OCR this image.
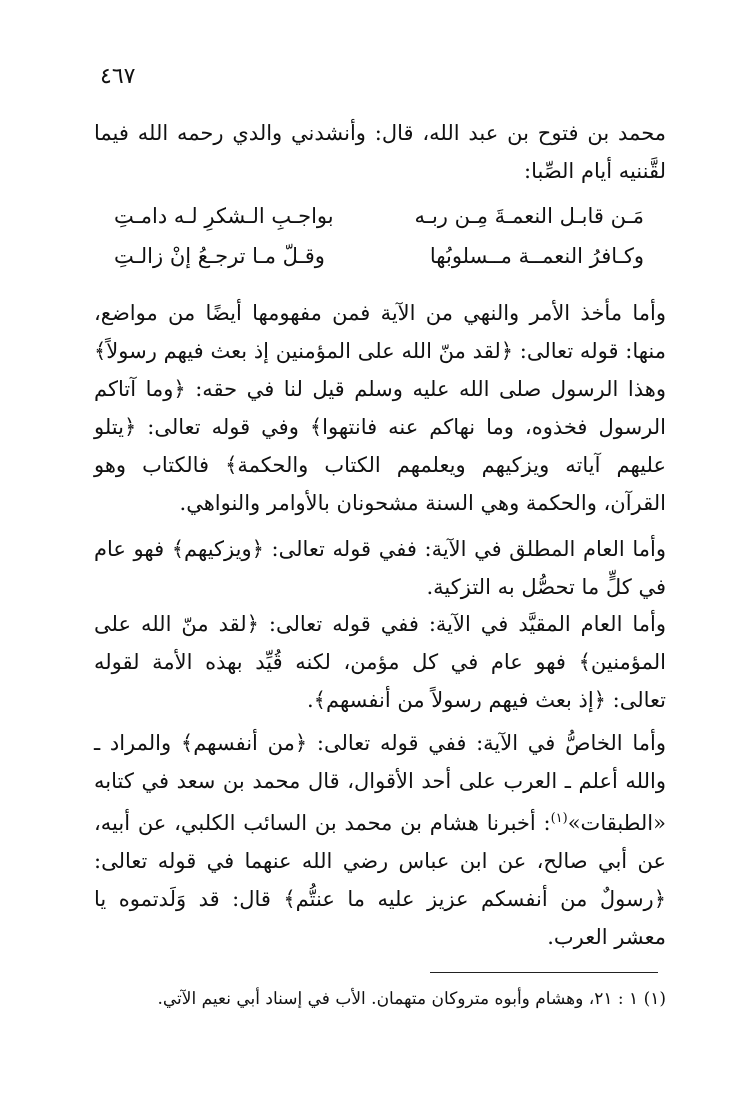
٤٦٧
محمد بن فتوح بن عبد الله، قال: وأنشدني والدي رحمه الله فيما لقَّننيه أيام الصِّبا:
مَـن قابـل النعمـةَ مِـن ربـه
بواجـبِ الـشكرِ لـه دامـتِ
وكـافرُ النعمــة مــسلوبُها
وقـلّ مـا ترجـعُ إنْ زالـتِ
وأما مأخذ الأمر والنهي من الآية فمن مفهومها أيضًا من مواضع، منها: قوله تعالى: ﴿لقد منّ الله على المؤمنين إذ بعث فيهم رسولاً﴾ وهذا الرسول صلى الله عليه وسلم قيل لنا في حقه: ﴿وما آتاكم الرسول فخذوه، وما نهاكم عنه فانتهوا﴾ وفي قوله تعالى: ﴿يتلو عليهم آياته ويزكيهم ويعلمهم الكتاب والحكمة﴾ فالكتاب وهو القرآن، والحكمة وهي السنة مشحونان بالأوامر والنواهي.
وأما العام المطلق في الآية: ففي قوله تعالى: ﴿ويزكيهم﴾ فهو عام في كلٍّ ما تحصُّل به التزكية.
وأما العام المقيَّد في الآية: ففي قوله تعالى: ﴿لقد منّ الله على المؤمنين﴾ فهو عام في كل مؤمن، لكنه قُيِّد بهذه الأمة لقوله تعالى: ﴿إذ بعث فيهم رسولاً من أنفسهم﴾.
وأما الخاصُّ في الآية: ففي قوله تعالى: ﴿من أنفسهم﴾ والمراد ـ والله أعلم ـ العرب على أحد الأقوال، قال محمد بن سعد في كتابه «الطبقات»$^{(١)}$: أخبرنا هشام بن محمد بن السائب الكلبي، عن أبيه، عن أبي صالح، عن ابن عباس رضي الله عنهما في قوله تعالى: ﴿رسولٌ من أنفسكم عزيز عليه ما عنتُّم﴾ قال: قد وَلَدتموه يا معشر العرب.
(١) ١ : ٢١، وهشام وأبوه متروكان متهمان. الأب في إسناد أبي نعيم الآتي.
